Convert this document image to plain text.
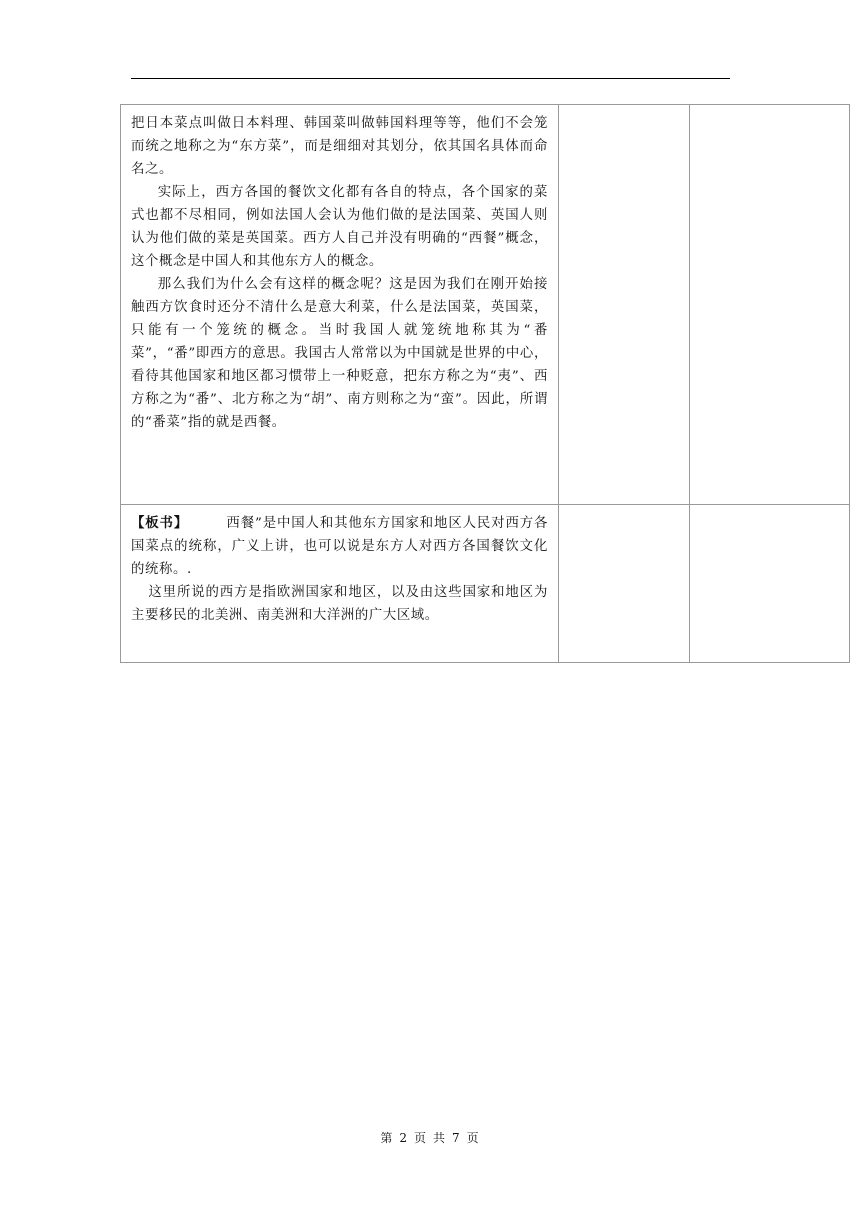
把日本菜点叫做日本料理、韩国菜叫做韩国料理等等，他们不会笼而统之地称之为“东方菜”，而是细细对其划分，依其国名具体而命名之。

实际上，西方各国的餐饮文化都有各自的特点，各个国家的菜式也都不尽相同，例如法国人会认为他们做的是法国菜、英国人则认为他们做的菜是英国菜。西方人自己并没有明确的“西餐”概念，这个概念是中国人和其他东方人的概念。

那么我们为什么会有这样的概念呢？这是因为我们在刚开始接触西方饮食时还分不清什么是意大利菜，什么是法国菜，英国菜，只能有一个笼统的概念。当时我国人就笼统地称其为“番菜”，“番”即西方的意思。我国古人常常以为中国就是世界的中心，看待其他国家和地区都习惯带上一种贬意，把东方称之为“夷”、西方称之为“番”、北方称之为“胡”、南方则称之为“蛮”。因此，所谓的“番菜”指的就是西餐。		

【板书】 西餐”是中国人和其他东方国家和地区人民对西方各国菜点的统称，广义上讲，也可以说是东方人对西方各国餐饮文化的统称。.

这里所说的西方是指欧洲国家和地区，以及由这些国家和地区为主要移民的北美洲、南美洲和大洋洲的广大区域。		

第 2 页 共 7 页
